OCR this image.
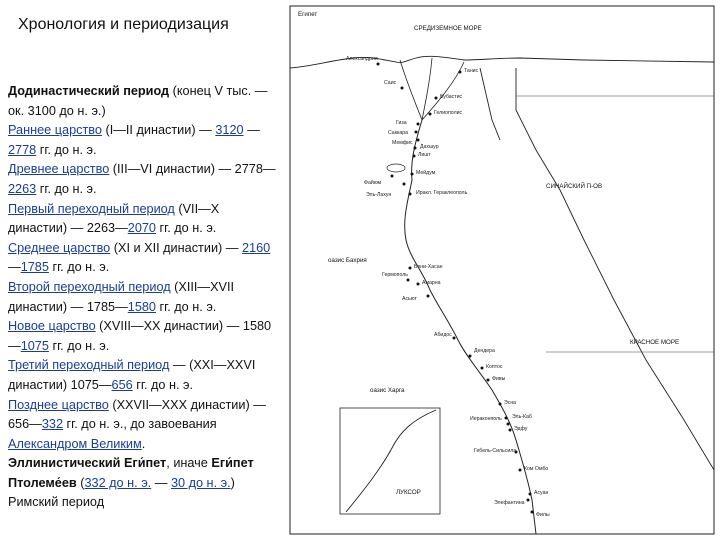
Хронология и периодизация
Додинастический период (конец V тыс. — ок. 3100 до н. э.)
Раннее царство (I—II династии) — 3120 —2778 гг. до н. э.
Древнее царство (III—VI династии) — 2778—2263 гг. до н. э.
Первый переходный период (VII—X династии) — 2263—2070 гг. до н. э.
Среднее царство (XI и XII династии) — 2160—1785 гг. до н. э.
Второй переходный период (XIII—XVII династии) — 1785—1580 гг. до н. э.
Новое царство (XVIII—XX династии) — 1580—1075 гг. до н. э.
Третий переходный период — (XXI—XXVI династии) 1075—656 гг. до н. э.
Позднее царство (XXVII—XXX династии) — 656—332 гг. до н. э., до завоевания Александром Великим.
Эллинистический Еги́пет, иначе Еги́пет Птолеме́ев (332 до н. э. — 30 до н. э.)
Римский период
Египет
СРЕДИЗЕМНОЕ МОРЕ
СИНАЙСКИЙ П-ОВ
КРАСНОЕ МОРЕ
оазис Бахрия
оазис Харга
Александрия
Танис
Бубастис
Гелиополис
Саис
Гиза
Саккара
Мемфис
Лишт
Дахшур
Файюм
Мейдум
Иракл. Гераклеополь
Эль-Лахун
Бени-Хасан
Гермополь
Амарна
Асьют
Абидос
Дендера
Коптос
Фивы
Эсна
Эдфу
Ком Омбо
Асуан
Элефантина
Филы
Гебель-Сильсила
Иераконполь Эль-Каб
ЛУКСОР
